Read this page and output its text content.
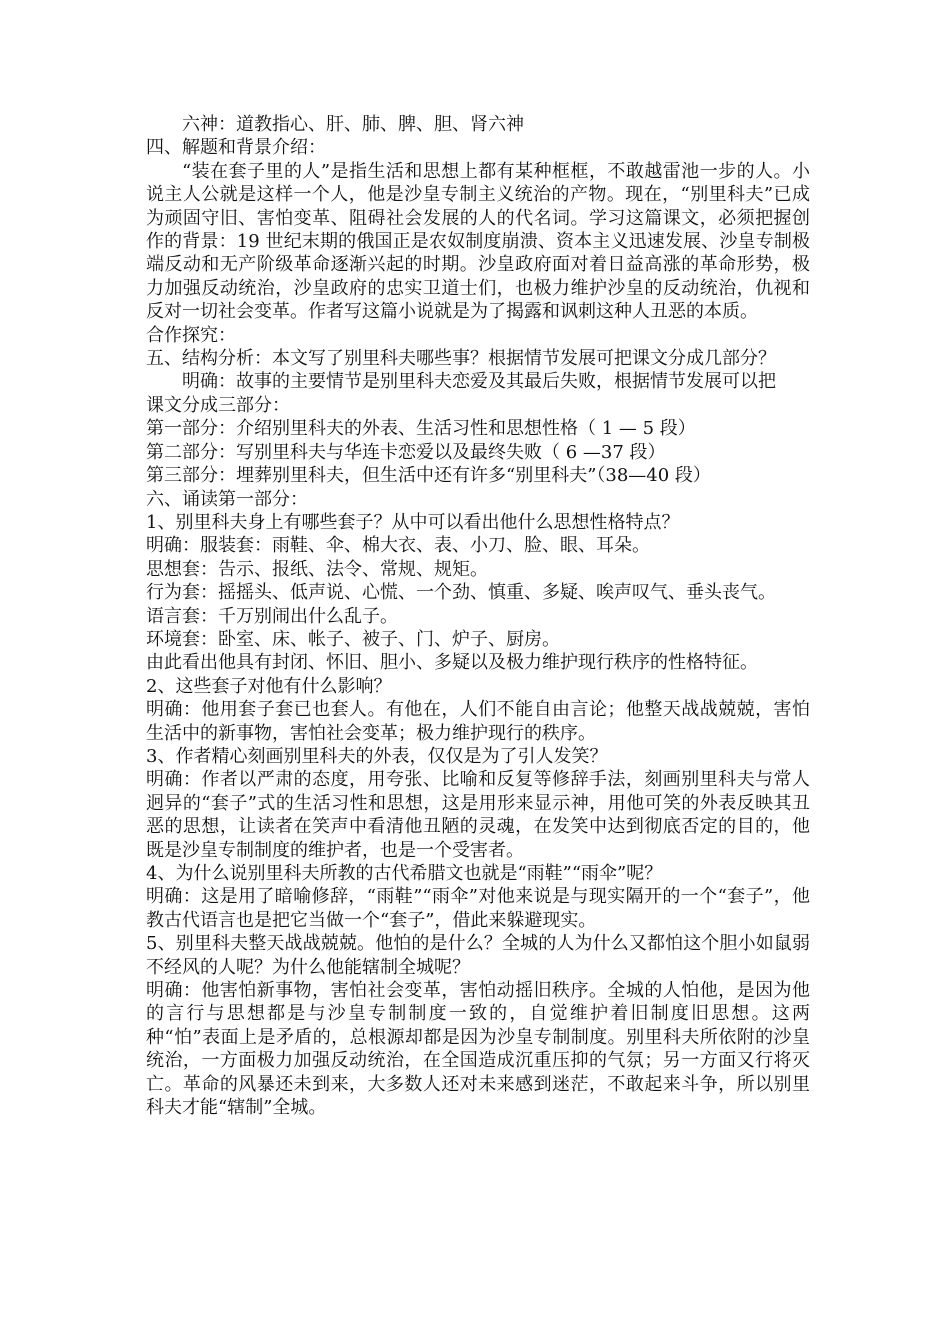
六神：道教指心、肝、肺、脾、胆、肾六神

四、解题和背景介绍：

“装在套子里的人”是指生活和思想上都有某种框框，不敢越雷池一步的人。小说主人公就是这样一个人，他是沙皇专制主义统治的产物。现在，“别里科夫”已成为顽固守旧、害怕变革、阻碍社会发展的人的代名词。学习这篇课文，必须把握创作的背景：19 世纪末期的俄国正是农奴制度崩溃、资本主义迅速发展、沙皇专制极端反动和无产阶级革命逐渐兴起的时期。沙皇政府面对着日益高涨的革命形势，极力加强反动统治，沙皇政府的忠实卫道士们，也极力维护沙皇的反动统治，仇视和反对一切社会变革。作者写这篇小说就是为了揭露和讽刺这种人丑恶的本质。

合作探究：

五、结构分析：本文写了别里科夫哪些事？根据情节发展可把课文分成几部分？

明确：故事的主要情节是别里科夫恋爱及其最后失败，根据情节发展可以把

课文分成三部分：

第一部分：介绍别里科夫的外表、生活习性和思想性格（ 1 — 5 段）

第二部分：写别里科夫与华连卡恋爱以及最终失败（ 6 —37 段）

第三部分：埋葬别里科夫，但生活中还有许多“别里科夫”（38—40 段）

六、诵读第一部分：

1、别里科夫身上有哪些套子？从中可以看出他什么思想性格特点？

明确：服装套：雨鞋、伞、棉大衣、表、小刀、脸、眼、耳朵。

思想套：告示、报纸、法令、常规、规矩。

行为套：摇摇头、低声说、心慌、一个劲、慎重、多疑、唉声叹气、垂头丧气。

语言套：千万别闹出什么乱子。

环境套：卧室、床、帐子、被子、门、炉子、厨房。

由此看出他具有封闭、怀旧、胆小、多疑以及极力维护现行秩序的性格特征。

2、这些套子对他有什么影响？

明确：他用套子套已也套人。有他在，人们不能自由言论；他整天战战兢兢，害怕生活中的新事物，害怕社会变革；极力维护现行的秩序。

3、作者精心刻画别里科夫的外表，仅仅是为了引人发笑？

明确：作者以严肃的态度，用夸张、比喻和反复等修辞手法，刻画别里科夫与常人迥异的“套子”式的生活习性和思想，这是用形来显示神，用他可笑的外表反映其丑恶的思想，让读者在笑声中看清他丑陋的灵魂，在发笑中达到彻底否定的目的，他既是沙皇专制制度的维护者，也是一个受害者。

4、为什么说别里科夫所教的古代希腊文也就是“雨鞋”“雨伞”呢？

明确：这是用了暗喻修辞，“雨鞋”“雨伞”对他来说是与现实隔开的一个“套子”，他教古代语言也是把它当做一个“套子”，借此来躲避现实。

5、别里科夫整天战战兢兢。他怕的是什么？全城的人为什么又都怕这个胆小如鼠弱不经风的人呢？为什么他能辖制全城呢？

明确：他害怕新事物，害怕社会变革，害怕动摇旧秩序。全城的人怕他，是因为他的言行与思想都是与沙皇专制制度一致的，自觉维护着旧制度旧思想。这两种“怕”表面上是矛盾的，总根源却都是因为沙皇专制制度。别里科夫所依附的沙皇统治，一方面极力加强反动统治，在全国造成沉重压抑的气氛；另一方面又行将灭亡。革命的风暴还未到来，大多数人还对未来感到迷茫，不敢起来斗争，所以别里科夫才能“辖制”全城。
